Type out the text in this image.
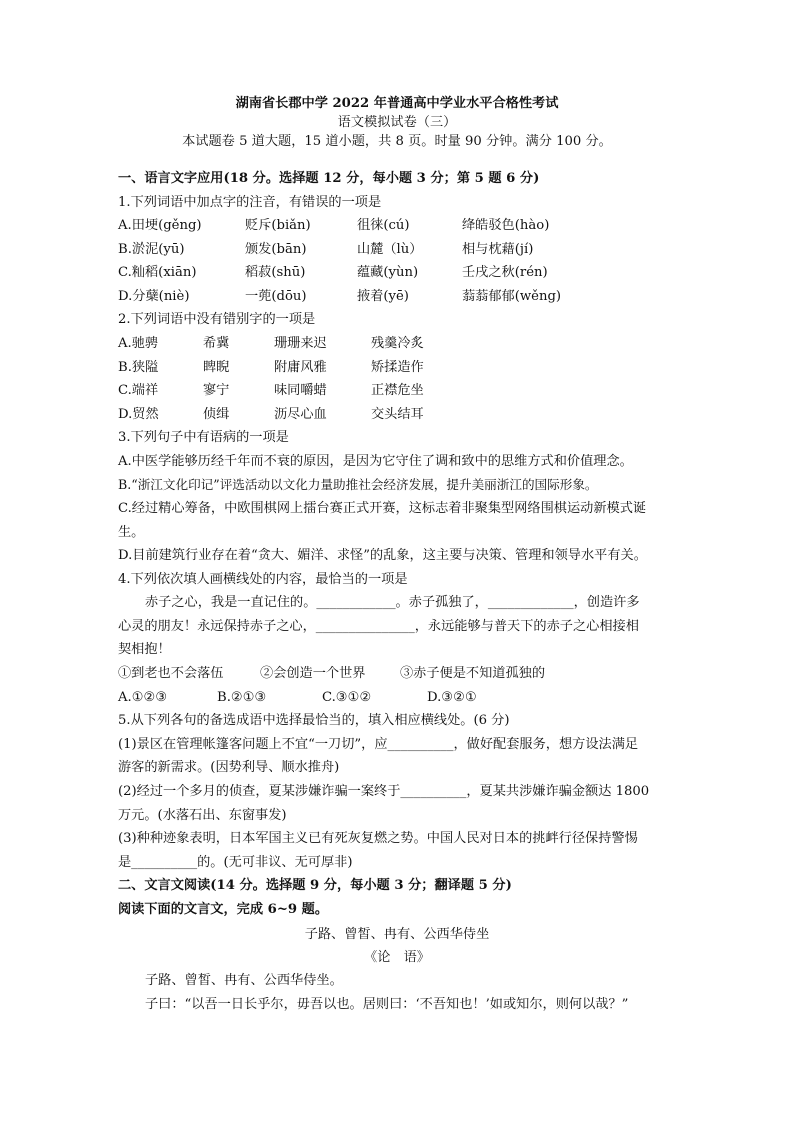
湖南省长郡中学 2022 年普通高中学业水平合格性考试
语文模拟试卷（三）
本试题卷 5 道大题，15 道小题，共 8 页。时量 90 分钟。满分 100 分。
一、语言文字应用(18 分。选择题 12 分，每小题 3 分；第 5 题 6 分)
1.下列词语中加点字的注音，有错误的一项是
A.田埂(gěng)	贬斥(biǎn)	徂徕(cú)	绛皓驳色(hào)
B.淤泥(yū)	颁发(bān)	山麓（lù）	相与枕藉(jí)
C.籼稻(xiān)	稻菽(shū)	蕴藏(yùn)	壬戌之秋(rén)
D.分蘖(niè)	一蔸(dōu)	掖着(yē)	蓊蓊郁郁(wěng)
2.下列词语中没有错别字的一项是
A.驰骋	希冀	珊珊来迟	残羹冷炙
B.狭隘	睥睨	附庸风雅	矫揉造作
C.端祥	寥宁	味同嚼蜡	正襟危坐
D.贸然	侦缉	沥尽心血	交头结耳
3.下列句子中有语病的一项是
A.中医学能够历经千年而不衰的原因，是因为它守住了调和致中的思维方式和价值理念。
B.“浙江文化印记”评选活动以文化力量助推社会经济发展，提升美丽浙江的国际形象。
C.经过精心筹备，中欧围棋网上擂台赛正式开赛，这标志着非聚集型网络围棋运动新模式诞
生。
D.目前建筑行业存在着“贪大、媚洋、求怪”的乱象，这主要与决策、管理和领导水平有关。
4.下列依次填人画横线处的内容，最恰当的一项是
赤子之心，我是一直记住的。____________。赤子孤独了，_____________，创造许多
心灵的朋友！永远保持赤子之心，_______________，永远能够与普天下的赤子之心相接相
契相抱！
①到老也不会落伍	②会创造一个世界	③赤子便是不知道孤独的
A.①②③	B.②①③	C.③①②	D.③②①
5.从下列各句的备选成语中选择最恰当的，填入相应横线处。(6 分)
(1)景区在管理帐篷客问题上不宜“一刀切”，应__________，做好配套服务，想方设法满足
游客的新需求。(因势利导、顺水推舟)
(2)经过一个多月的侦查，夏某涉嫌诈骗一案终于__________，夏某共涉嫌诈骗金额达 1800
万元。(水落石出、东窗事发)
(3)种种迹象表明，日本军国主义已有死灰复燃之势。中国人民对日本的挑衅行径保持警惕
是__________的。(无可非议、无可厚非)
二、文言文阅读(14 分。选择题 9 分，每小题 3 分；翻译题 5 分)
阅读下面的文言文，完成 6~9 题。
子路、曾皙、冉有、公西华侍坐
《论　语》
子路、曾皙、冉有、公西华侍坐。
子曰：“以吾一日长乎尔，毋吾以也。居则曰：‘不吾知也！’如或知尔，则何以哉？”
